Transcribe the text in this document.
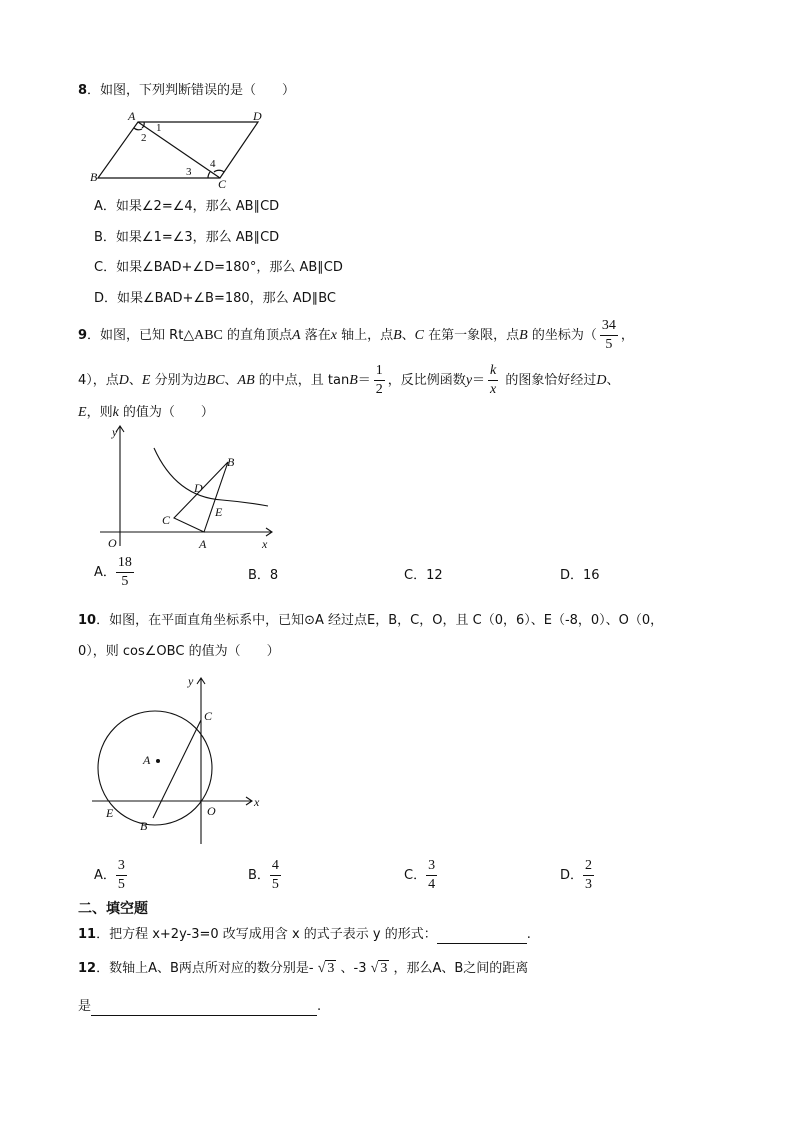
8．如图，下列判断错误的是（　　）
A	D
B	C
1
2
3
4
A．如果∠2=∠4，那么 AB∥CD
B．如果∠1=∠3，那么 AB∥CD
C．如果∠BAD+∠D=180°，那么 AB∥CD
D．如果∠BAD+∠B=180，那么 AD∥BC
9．如图，已知 Rt△ABC 的直角顶点A 落在x 轴上，点B、C 在第一象限，点B 的坐标为（ $\frac{34}{5}$ ，
4），点D、E 分别为边BC、AB 的中点，且 $\tan B= \frac{1}{2}$ ，反比例函数$y= \frac{k}{x}$ 的图象恰好经过D、
E，则k 的值为（　　）
y
x
O	A
B
C
D
E
A． $\frac{18}{5}$	B．8	C．12	D．16
10．如图，在平面直角坐标系中，已知⊙A 经过点E，B，C，O，且 C（0，6）、E（-8，0）、O（0，
0），则 cos∠OBC 的值为（　　）
y
x
C
A
E
B
O
A． $\frac{3}{5}$	B． $\frac{4}{5}$	C． $\frac{3}{4}$	D． $\frac{2}{3}$
二、填空题
11．把方程 x+2y-3=0 改写成用含 x 的式子表示 y 的形式：	.
12．数轴上A、B两点所对应的数分别是- √ 3 、-3 √ 3 ，那么A、B之间的距离
是	.
